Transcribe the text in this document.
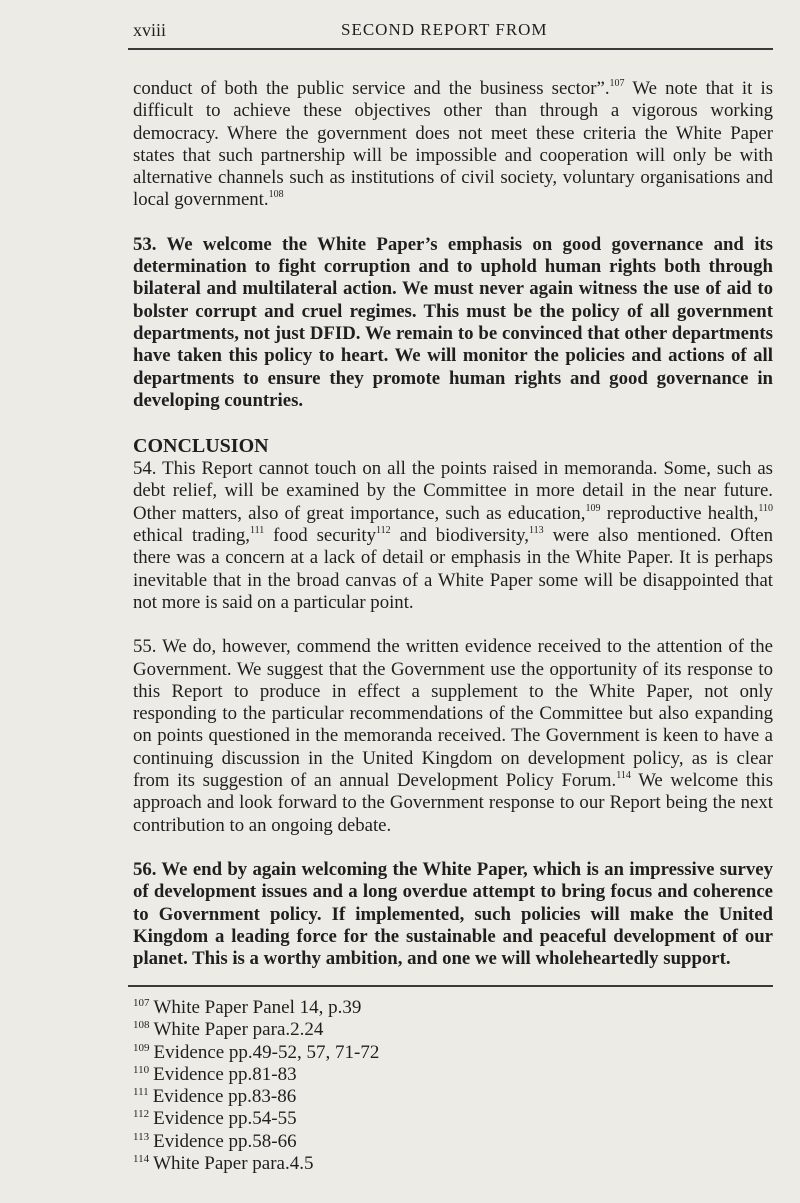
xviii	SECOND REPORT FROM

conduct of both the public service and the business sector”.$^{107}$ We note that it is difficult to achieve these objectives other than through a vigorous working democracy. Where the government does not meet these criteria the White Paper states that such partnership will be impossible and cooperation will only be with alternative channels such as institutions of civil society, voluntary organisations and local government.$^{108}$

53. We welcome the White Paper’s emphasis on good governance and its determination to fight corruption and to uphold human rights both through bilateral and multilateral action. We must never again witness the use of aid to bolster corrupt and cruel regimes. This must be the policy of all government departments, not just DFID. We remain to be convinced that other departments have taken this policy to heart. We will monitor the policies and actions of all departments to ensure they promote human rights and good governance in developing countries.

CONCLUSION

54. This Report cannot touch on all the points raised in memoranda. Some, such as debt relief, will be examined by the Committee in more detail in the near future. Other matters, also of great importance, such as education,$^{109}$ reproductive health,$^{110}$ ethical trading,$^{111}$ food security$^{112}$ and biodiversity,$^{113}$ were also mentioned. Often there was a concern at a lack of detail or emphasis in the White Paper. It is perhaps inevitable that in the broad canvas of a White Paper some will be disappointed that not more is said on a particular point.

55. We do, however, commend the written evidence received to the attention of the Government. We suggest that the Government use the opportunity of its response to this Report to produce in effect a supplement to the White Paper, not only responding to the particular recommendations of the Committee but also expanding on points questioned in the memoranda received. The Government is keen to have a continuing discussion in the United Kingdom on development policy, as is clear from its suggestion of an annual Development Policy Forum.$^{114}$ We welcome this approach and look forward to the Government response to our Report being the next contribution to an ongoing debate.

56. We end by again welcoming the White Paper, which is an impressive survey of development issues and a long overdue attempt to bring focus and coherence to Government policy. If implemented, such policies will make the United Kingdom a leading force for the sustainable and peaceful development of our planet. This is a worthy ambition, and one we will wholeheartedly support.

$^{107}$ White Paper Panel 14, p.39
$^{108}$ White Paper para.2.24
$^{109}$ Evidence pp.49-52, 57, 71-72
$^{110}$ Evidence pp.81-83
$^{111}$ Evidence pp.83-86
$^{112}$ Evidence pp.54-55
$^{113}$ Evidence pp.58-66
$^{114}$ White Paper para.4.5
